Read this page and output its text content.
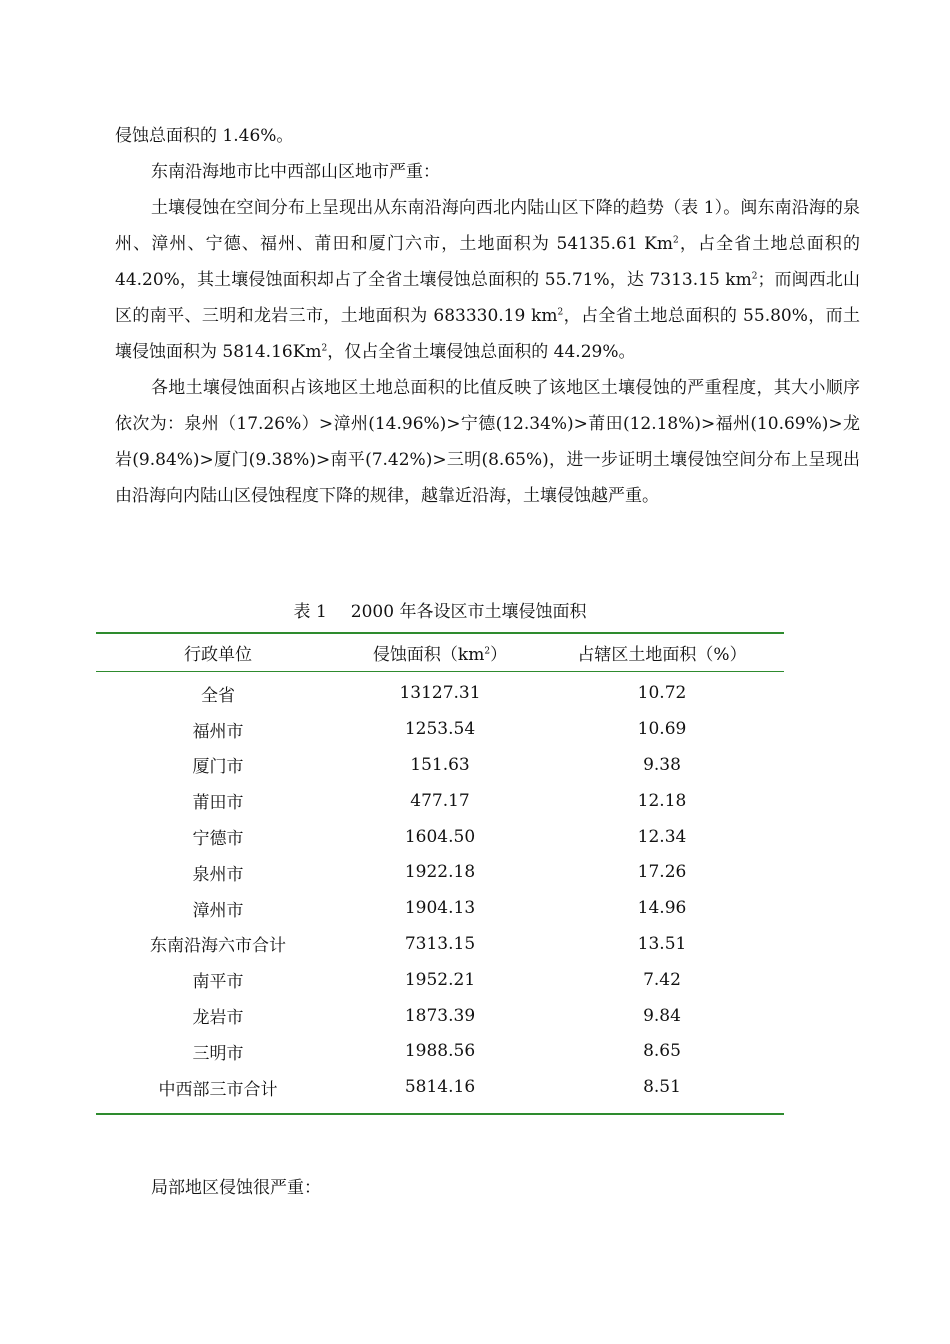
侵蚀总面积的 1.46%。

东南沿海地市比中西部山区地市严重：

土壤侵蚀在空间分布上呈现出从东南沿海向西北内陆山区下降的趋势（表 1）。闽东南沿海的泉州、漳州、宁德、福州、莆田和厦门六市，土地面积为 54135.61 Km$^2$，占全省土地总面积的 44.20%，其土壤侵蚀面积却占了全省土壤侵蚀总面积的 55.71%，达 7313.15 $km^2$；而闽西北山区的南平、三明和龙岩三市，土地面积为 683330.19 $km^2$，占全省土地总面积的 55.80%，而土壤侵蚀面积为 5814.16Km$^2$，仅占全省土壤侵蚀总面积的 44.29%。

各地土壤侵蚀面积占该地区土地总面积的比值反映了该地区土壤侵蚀的严重程度，其大小顺序依次为：泉州（17.26%）>漳州(14.96%)>宁德(12.34%)>莆田(12.18%)>福州(10.69%)>龙岩(9.84%)>厦门(9.38%)>南平(7.42%)>三明(8.65%)，进一步证明土壤侵蚀空间分布上呈现出由沿海向内陆山区侵蚀程度下降的规律，越靠近沿海，土壤侵蚀越严重。

表 1 2000 年各设区市土壤侵蚀面积
行政单位	侵蚀面积$(km^2)$	占辖区土地面积（%）
全省	13127.31	10.72
福州市	1253.54	10.69
厦门市	151.63	9.38
莆田市	477.17	12.18
宁德市	1604.50	12.34
泉州市	1922.18	17.26
漳州市	1904.13	14.96
东南沿海六市合计	7313.15	13.51
南平市	1952.21	7.42
龙岩市	1873.39	9.84
三明市	1988.56	8.65
中西部三市合计	5814.16	8.51

局部地区侵蚀很严重：
